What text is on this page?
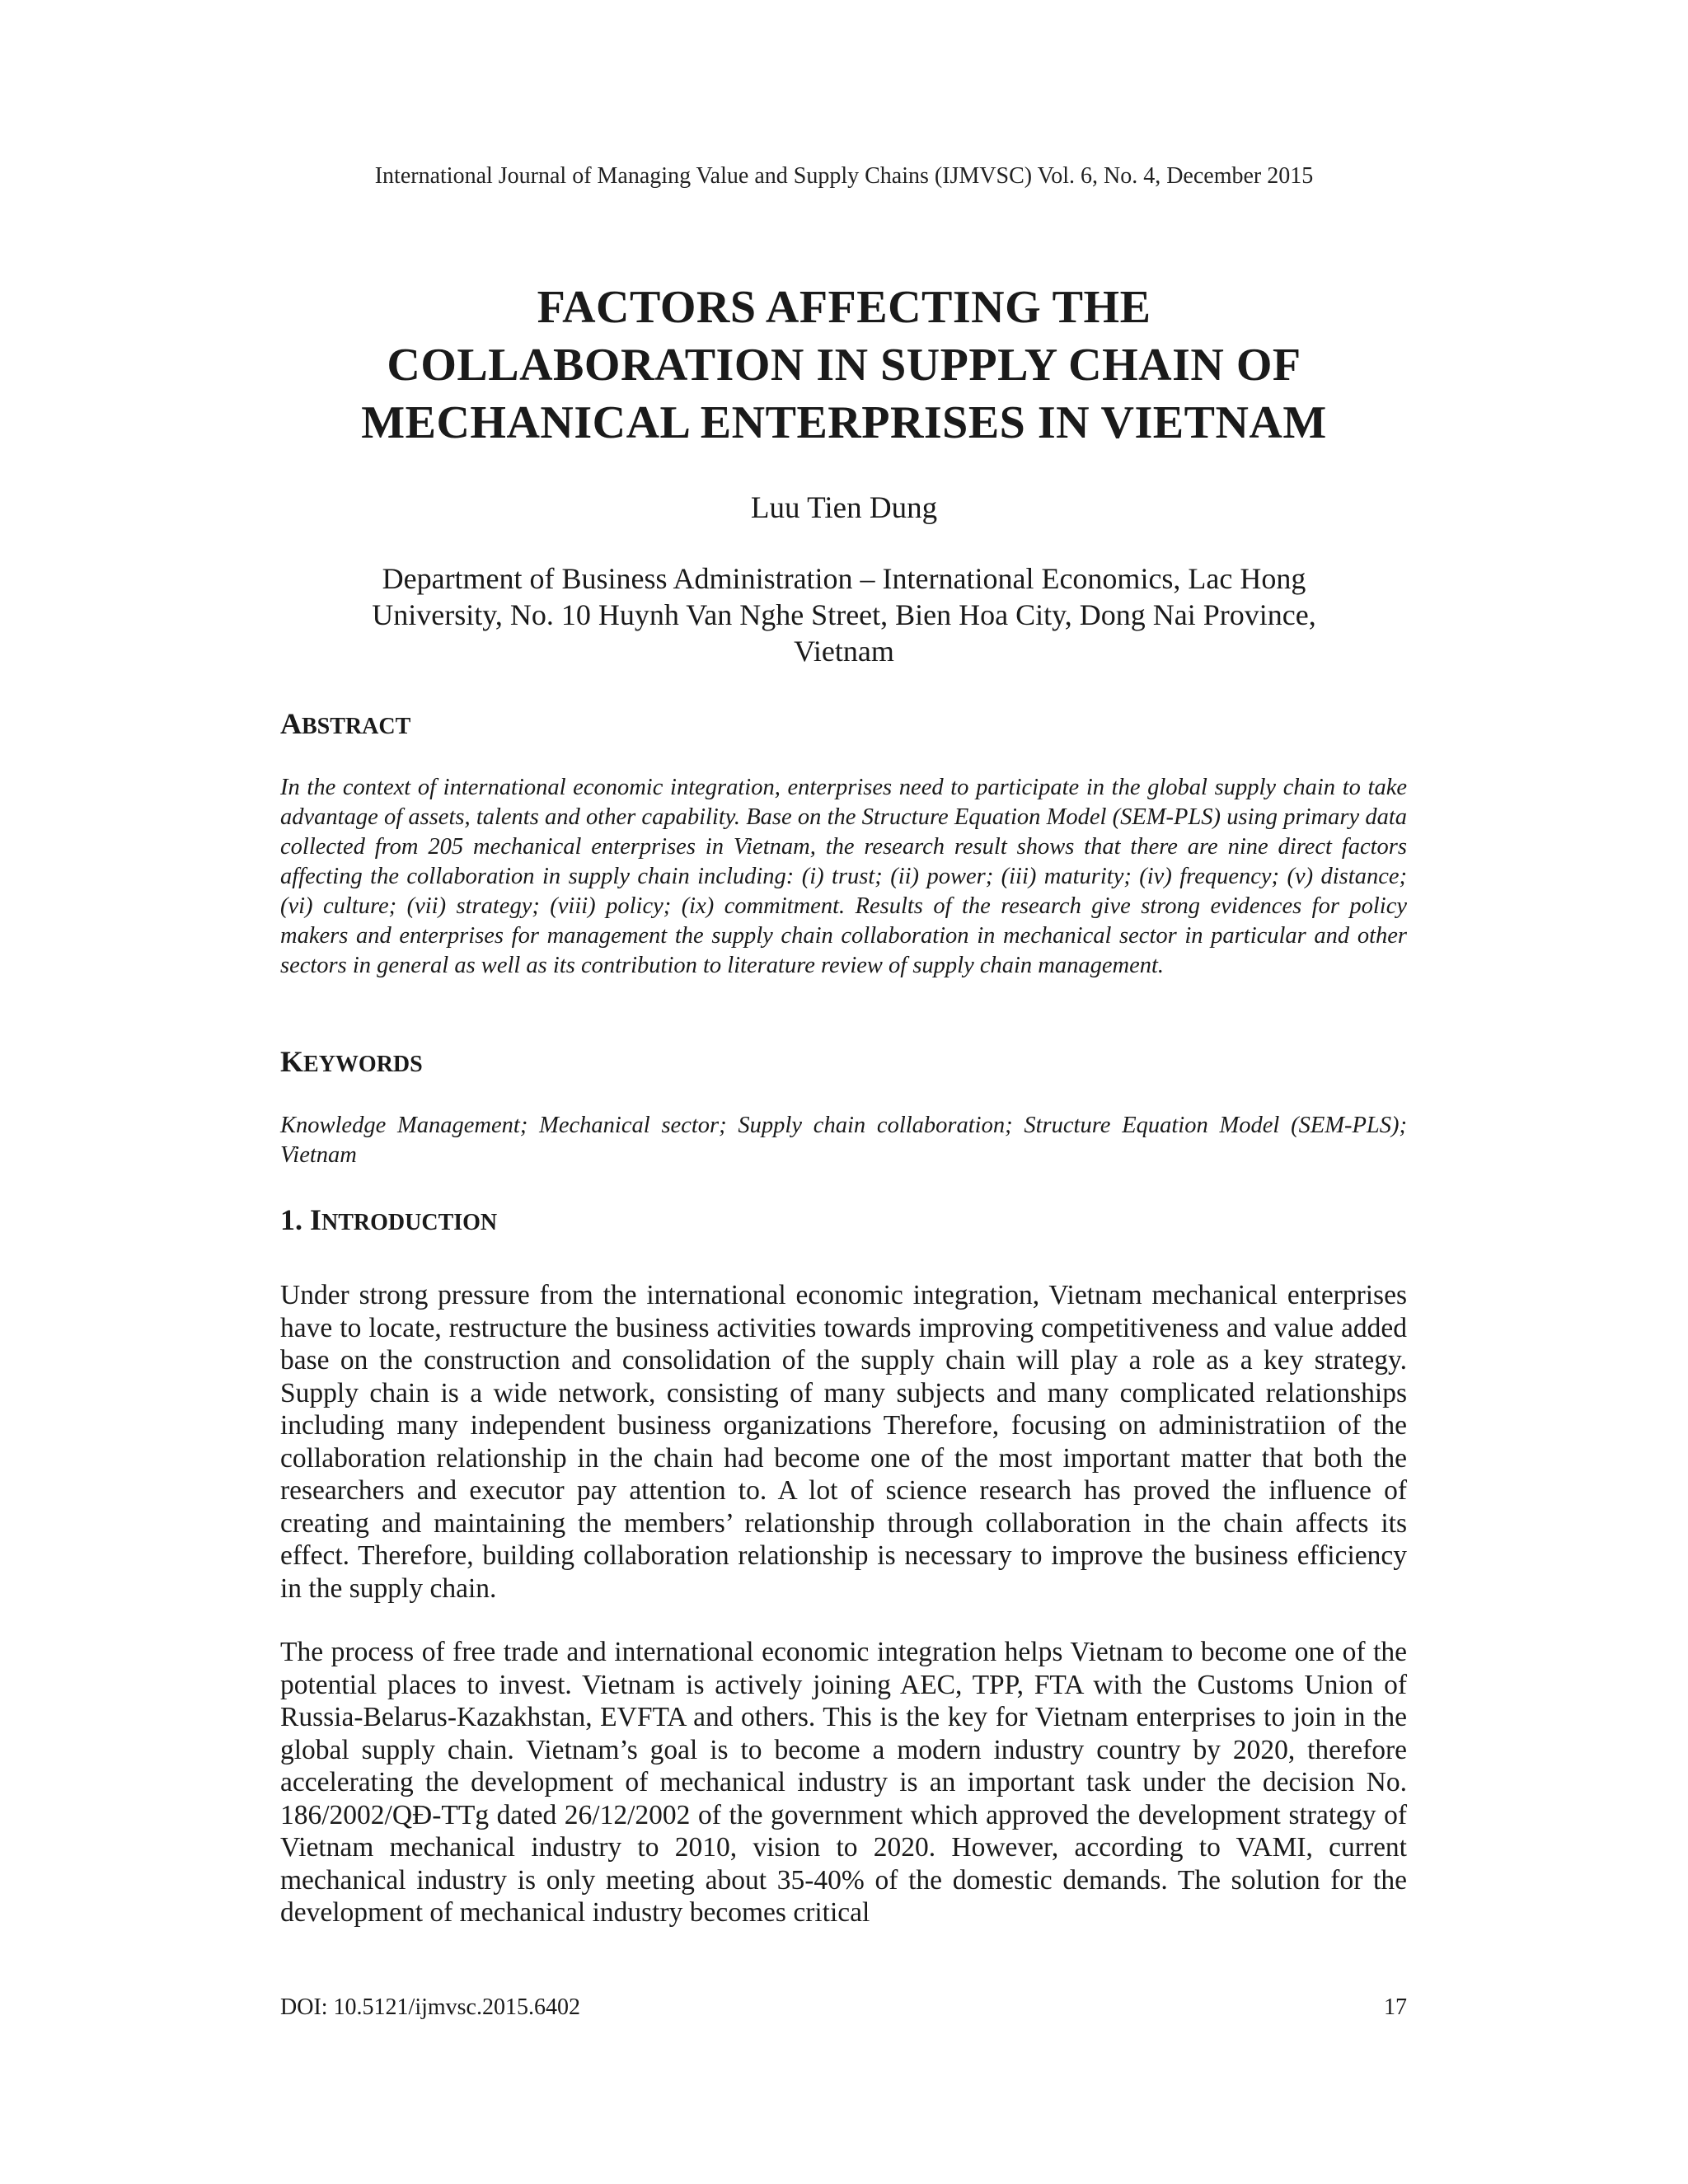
International Journal of Managing Value and Supply Chains (IJMVSC) Vol. 6, No. 4, December 2015
FACTORS AFFECTING THE
COLLABORATION IN SUPPLY CHAIN OF
MECHANICAL ENTERPRISES IN VIETNAM
Luu Tien Dung
Department of Business Administration – International Economics, Lac Hong
University, No. 10 Huynh Van Nghe Street, Bien Hoa City, Dong Nai Province,
Vietnam

ABSTRACT

In the context of international economic integration, enterprises need to participate in the global supply chain to take advantage of assets, talents and other capability. Base on the Structure Equation Model (SEM-PLS) using primary data collected from 205 mechanical enterprises in Vietnam, the research result shows that there are nine direct factors affecting the collaboration in supply chain including: (i) trust; (ii) power; (iii) maturity; (iv) frequency; (v) distance; (vi) culture; (vii) strategy; (viii) policy; (ix) commitment. Results of the research give strong evidences for policy makers and enterprises for management the supply chain collaboration in mechanical sector in particular and other sectors in general as well as its contribution to literature review of supply chain management.

KEYWORDS

Knowledge Management; Mechanical sector; Supply chain collaboration; Structure Equation Model (SEM-PLS); Vietnam

1. INTRODUCTION

Under strong pressure from the international economic integration, Vietnam mechanical enterprises have to locate, restructure the business activities towards improving competitiveness and value added base on the construction and consolidation of the supply chain will play a role as a key strategy. Supply chain is a wide network, consisting of many subjects and many complicated relationships including many independent business organizations Therefore, focusing on administratiion of the collaboration relationship in the chain had become one of the most important matter that both the researchers and executor pay attention to. A lot of science research has proved the influence of creating and maintaining the members’ relationship through collaboration in the chain affects its effect. Therefore, building collaboration relationship is necessary to improve the business efficiency in the supply chain.
The process of free trade and international economic integration helps Vietnam to become one of the potential places to invest. Vietnam is actively joining AEC, TPP, FTA with the Customs Union of Russia-Belarus-Kazakhstan, EVFTA and others. This is the key for Vietnam enterprises to join in the global supply chain. Vietnam’s goal is to become a modern industry country by 2020, therefore accelerating the development of mechanical industry is an important task under the decision No. 186/2002/QĐ-TTg dated 26/12/2002 of the government which approved the development strategy of Vietnam mechanical industry to 2010, vision to 2020. However, according to VAMI, current mechanical industry is only meeting about 35-40% of the domestic demands. The solution for the development of mechanical industry becomes critical
DOI: 10.5121/ijmvsc.2015.6402	17
